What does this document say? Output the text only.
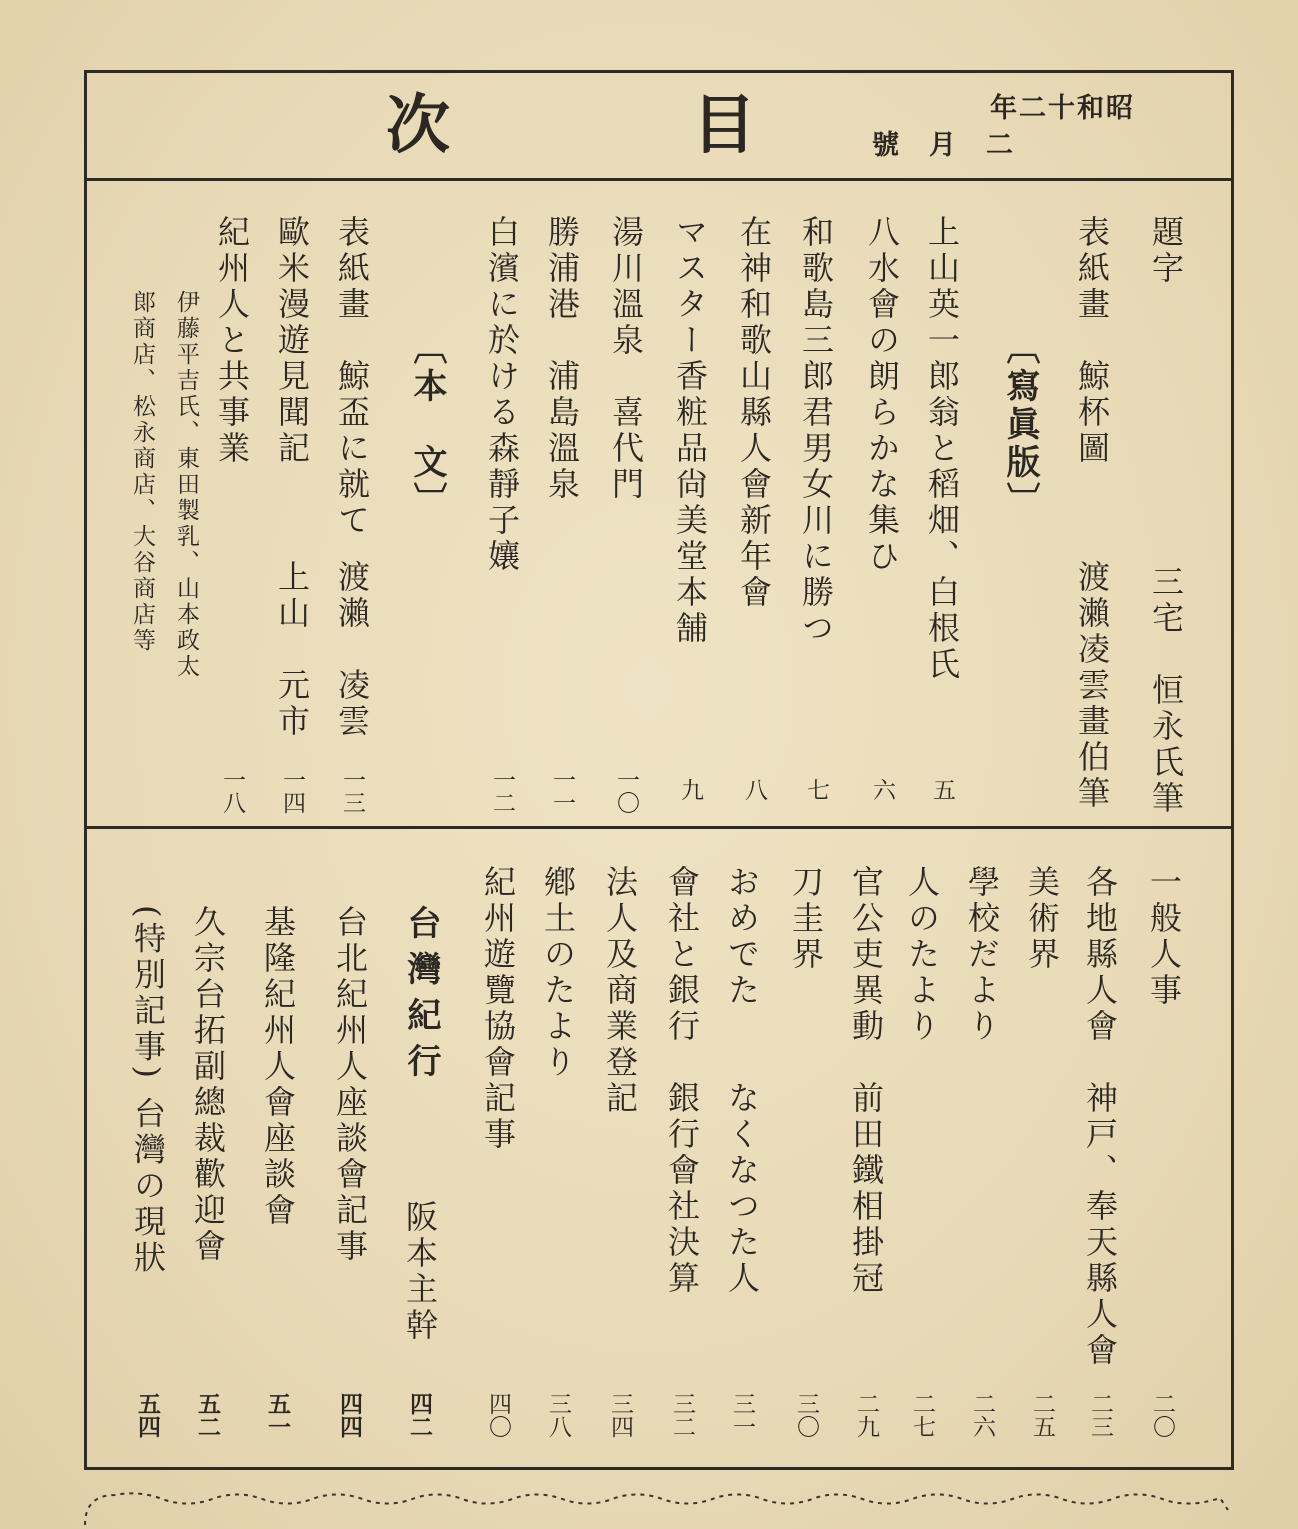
目
次	昭和十二年
二月號
題字
三宅　恒永氏筆
表紙畫　鯨杯圖
渡瀨凌雲畫伯筆
〔寫眞版〕
上山英一郎翁と稻畑、白根氏
五
八水會の朗らかな集ひ
六
和歌島三郎君男女川に勝つ
七
在神和歌山縣人會新年會
八
マスター香粧品尙美堂本舗
九
湯川溫泉　喜代門
一〇
勝浦港　浦島溫泉
一一
白濱に於ける森靜子孃
一二
〔本　文〕
表紙畫　鯨盃に就て
渡瀨　凌雲
一三
歐米漫遊見聞記
上山　元市
一四
紀州人と共事業
一八
伊藤平吉氏、東田製乳、山本政太
郞商店、松永商店、大谷商店等
一般人事
二〇
各地縣人會　神戸、奉天縣人會
二三
美術界
二五
學校だより
二六
人のたより
二七
官公吏異動　前田鐵相掛冠
二九
刀圭界
三〇
おめでた　　なくなつた人
三一
會社と銀行　銀行會社決算
三二
法人及商業登記
三四
鄕土のたより
三八
紀州遊覽協會記事
四〇
台灣紀行
阪本主幹
四二
台北紀州人座談會記事
四四
基隆紀州人會座談會
五一
久宗台拓副總裁歡迎會
五二
(特別記事) 台灣の現狀
五四
